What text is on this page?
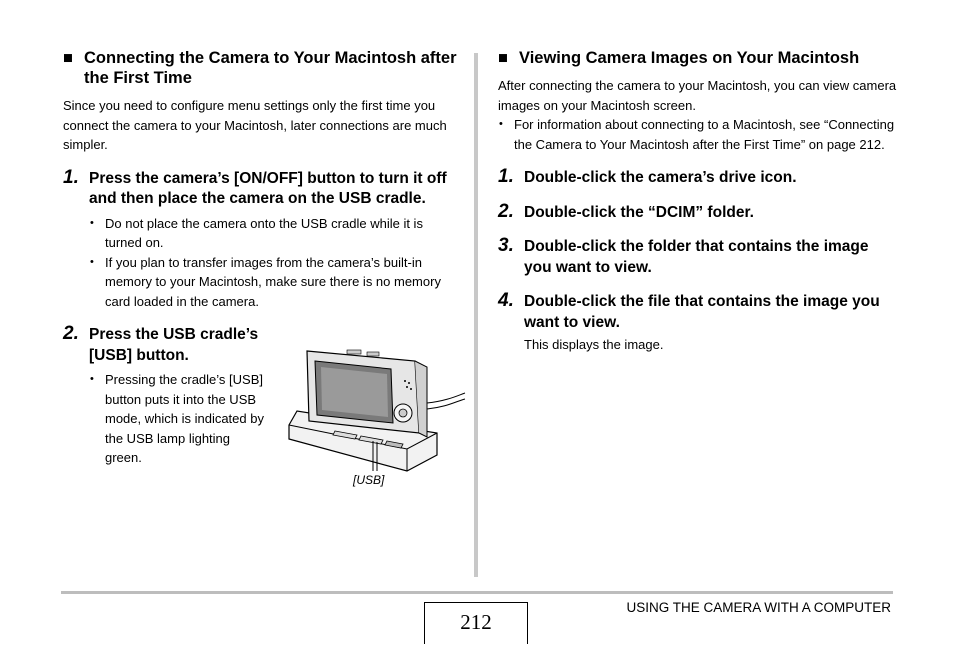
■ Connecting the Camera to Your Macintosh after the First Time

Since you need to configure menu settings only the first time you connect the camera to your Macintosh, later connections are much simpler.

1. Press the camera’s [ON/OFF] button to turn it off and then place the camera on the USB cradle.
• Do not place the camera onto the USB cradle while it is turned on.
• If you plan to transfer images from the camera’s built-in memory to your Macintosh, make sure there is no memory card loaded in the camera.
2. Press the USB cradle’s [USB] button.
• Pressing the cradle’s [USB] button puts it into the USB mode, which is indicated by the USB lamp lighting green.
[USB]
■ Viewing Camera Images on Your Macintosh

After connecting the camera to your Macintosh, you can view camera images on your Macintosh screen.

• For information about connecting to a Macintosh, see “Connecting the Camera to Your Macintosh after the First Time” on page 212.
1. Double-click the camera’s drive icon.
2. Double-click the “DCIM” folder.
3. Double-click the folder that contains the image you want to view.
4. Double-click the file that contains the image you want to view.
This displays the image.
212
USING THE CAMERA WITH A COMPUTER
